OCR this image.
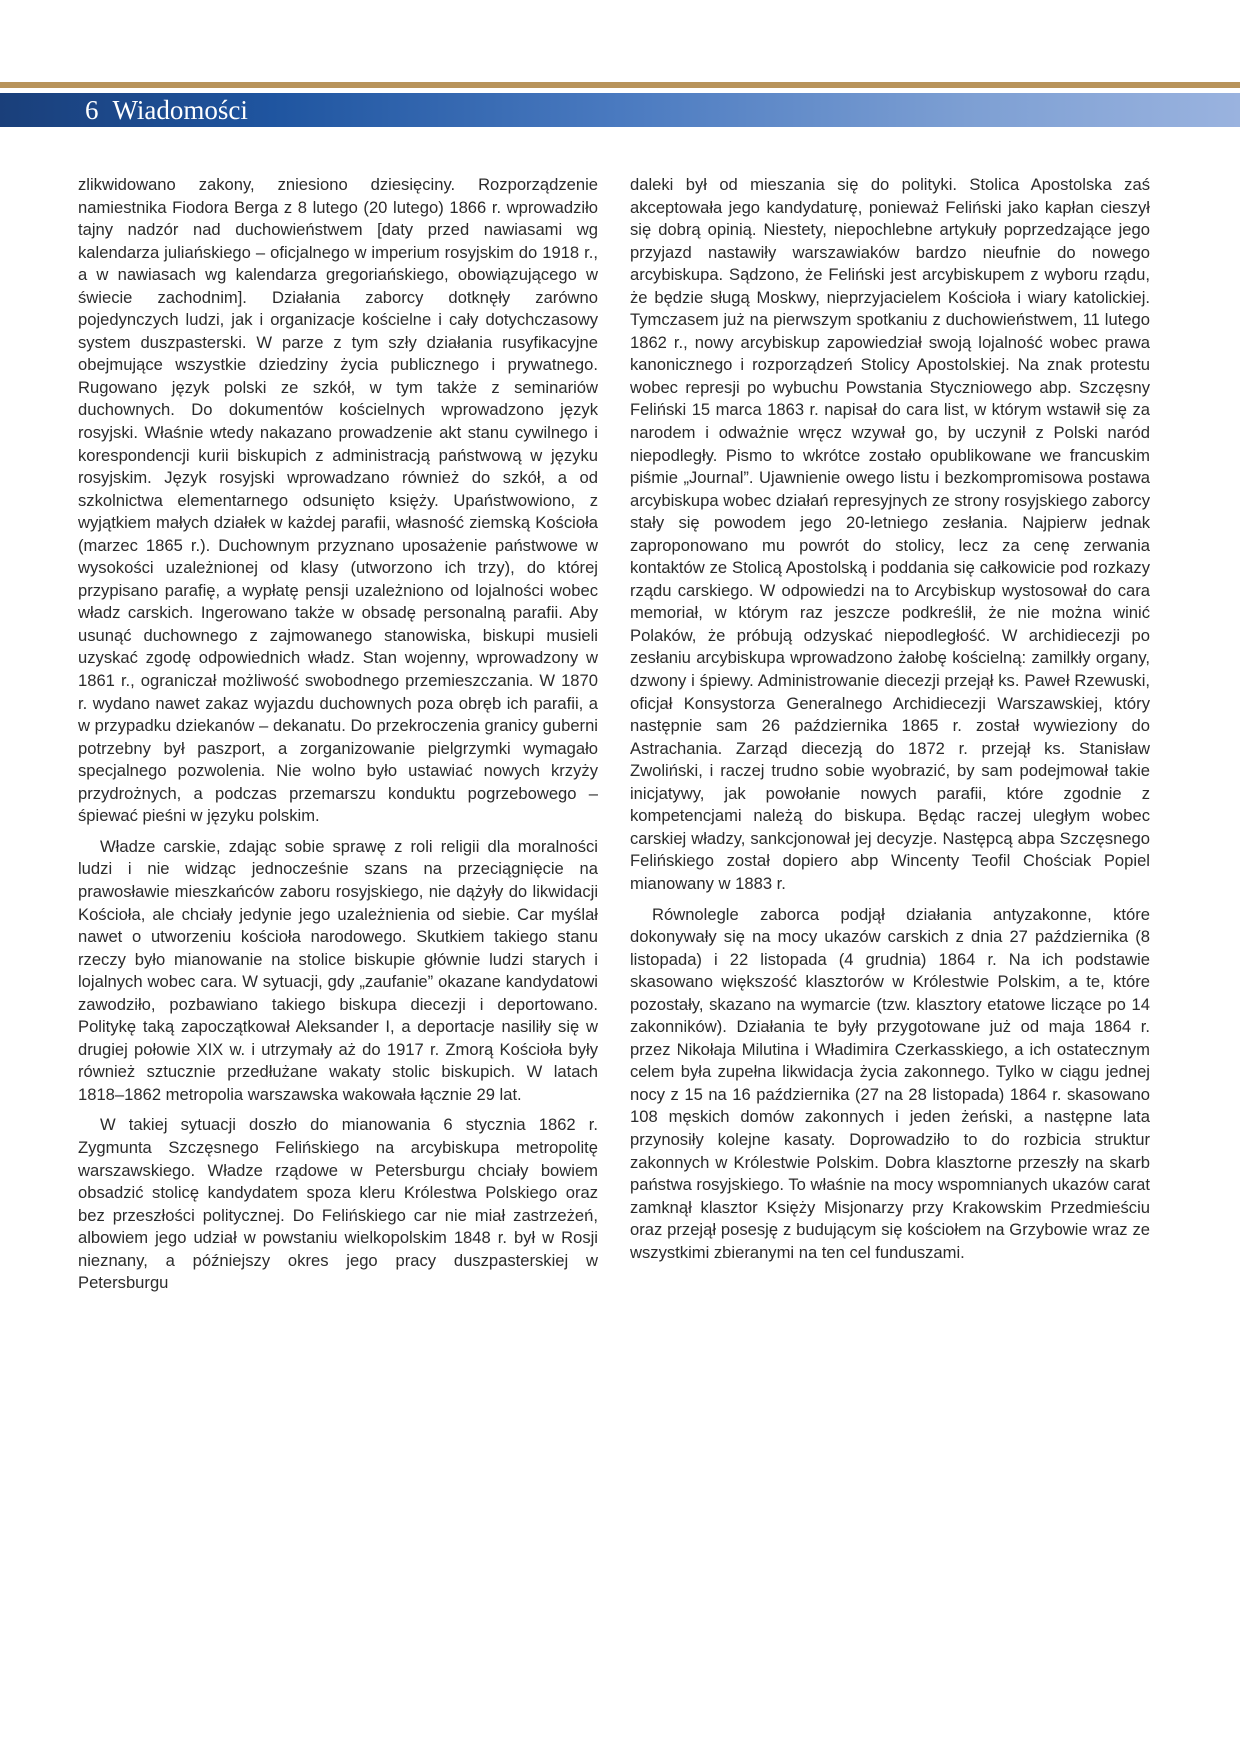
6 Wiadomości

zlikwidowano zakony, zniesiono dziesięciny. Rozporządzenie namiestnika Fiodora Berga z 8 lutego (20 lutego) 1866 r. wprowadziło tajny nadzór nad duchowieństwem [daty przed nawiasami wg kalendarza juliańskiego – oficjalnego w imperium rosyjskim do 1918 r., a w nawiasach wg kalendarza gregoriańskiego, obowiązującego w świecie zachodnim]. Działania zaborcy dotknęły zarówno pojedynczych ludzi, jak i organizacje kościelne i cały dotychczasowy system duszpasterski. W parze z tym szły działania rusyfikacyjne obejmujące wszystkie dziedziny życia publicznego i prywatnego. Rugowano język polski ze szkół, w tym także z seminariów duchownych. Do dokumentów kościelnych wprowadzono język rosyjski. Właśnie wtedy nakazano prowadzenie akt stanu cywilnego i korespondencji kurii biskupich z administracją państwową w języku rosyjskim. Język rosyjski wprowadzano również do szkół, a od szkolnictwa elementarnego odsunięto księży. Upaństwowiono, z wyjątkiem małych działek w każdej parafii, własność ziemską Kościoła (marzec 1865 r.). Duchownym przyznano uposażenie państwowe w wysokości uzależnionej od klasy (utworzono ich trzy), do której przypisano parafię, a wypłatę pensji uzależniono od lojalności wobec władz carskich. Ingerowano także w obsadę personalną parafii. Aby usunąć duchownego z zajmowanego stanowiska, biskupi musieli uzyskać zgodę odpowiednich władz. Stan wojenny, wprowadzony w 1861 r., ograniczał możliwość swobodnego przemieszczania. W 1870 r. wydano nawet zakaz wyjazdu duchownych poza obręb ich parafii, a w przypadku dziekanów – dekanatu. Do przekroczenia granicy guberni potrzebny był paszport, a zorganizowanie pielgrzymki wymagało specjalnego pozwolenia. Nie wolno było ustawiać nowych krzyży przydrożnych, a podczas przemarszu konduktu pogrzebowego – śpiewać pieśni w języku polskim.

Władze carskie, zdając sobie sprawę z roli religii dla moralności ludzi i nie widząc jednocześnie szans na przeciągnięcie na prawosławie mieszkańców zaboru rosyjskiego, nie dążyły do likwidacji Kościoła, ale chciały jedynie jego uzależnienia od siebie. Car myślał nawet o utworzeniu kościoła narodowego. Skutkiem takiego stanu rzeczy było mianowanie na stolice biskupie głównie ludzi starych i lojalnych wobec cara. W sytuacji, gdy „zaufanie” okazane kandydatowi zawodziło, pozbawiano takiego biskupa diecezji i deportowano. Politykę taką zapoczątkował Aleksander I, a deportacje nasiliły się w drugiej połowie XIX w. i utrzymały aż do 1917 r. Zmorą Kościoła były również sztucznie przedłużane wakaty stolic biskupich. W latach 1818–1862 metropolia warszawska wakowała łącznie 29 lat.

W takiej sytuacji doszło do mianowania 6 stycznia 1862 r. Zygmunta Szczęsnego Felińskiego na arcybiskupa metropolitę warszawskiego. Władze rządowe w Petersburgu chciały bowiem obsadzić stolicę kandydatem spoza kleru Królestwa Polskiego oraz bez przeszłości politycznej. Do Felińskiego car nie miał zastrzeżeń, albowiem jego udział w powstaniu wielkopolskim 1848 r. był w Rosji nieznany, a późniejszy okres jego pracy duszpasterskiej w Petersburgu

daleki był od mieszania się do polityki. Stolica Apostolska zaś akceptowała jego kandydaturę, ponieważ Feliński jako kapłan cieszył się dobrą opinią. Niestety, niepochlebne artykuły poprzedzające jego przyjazd nastawiły warszawiaków bardzo nieufnie do nowego arcybiskupa. Sądzono, że Feliński jest arcybiskupem z wyboru rządu, że będzie sługą Moskwy, nieprzyjacielem Kościoła i wiary katolickiej. Tymczasem już na pierwszym spotkaniu z duchowieństwem, 11 lutego 1862 r., nowy arcybiskup zapowiedział swoją lojalność wobec prawa kanonicznego i rozporządzeń Stolicy Apostolskiej. Na znak protestu wobec represji po wybuchu Powstania Styczniowego abp. Szczęsny Feliński 15 marca 1863 r. napisał do cara list, w którym wstawił się za narodem i odważnie wręcz wzywał go, by uczynił z Polski naród niepodległy. Pismo to wkrótce zostało opublikowane we francuskim piśmie „Journal”. Ujawnienie owego listu i bezkompromisowa postawa arcybiskupa wobec działań represyjnych ze strony rosyjskiego zaborcy stały się powodem jego 20-letniego zesłania. Najpierw jednak zaproponowano mu powrót do stolicy, lecz za cenę zerwania kontaktów ze Stolicą Apostolską i poddania się całkowicie pod rozkazy rządu carskiego. W odpowiedzi na to Arcybiskup wystosował do cara memoriał, w którym raz jeszcze podkreślił, że nie można winić Polaków, że próbują odzyskać niepodległość. W archidiecezji po zesłaniu arcybiskupa wprowadzono żałobę kościelną: zamilkły organy, dzwony i śpiewy. Administrowanie diecezji przejął ks. Paweł Rzewuski, oficjał Konsystorza Generalnego Archidiecezji Warszawskiej, który następnie sam 26 października 1865 r. został wywieziony do Astrachania. Zarząd diecezją do 1872 r. przejął ks. Stanisław Zwoliński, i raczej trudno sobie wyobrazić, by sam podejmował takie inicjatywy, jak powołanie nowych parafii, które zgodnie z kompetencjami należą do biskupa. Będąc raczej uległym wobec carskiej władzy, sankcjonował jej decyzje. Następcą abpa Szczęsnego Felińskiego został dopiero abp Wincenty Teofil Chościak Popiel mianowany w 1883 r.

Równolegle zaborca podjął działania antyzakonne, które dokonywały się na mocy ukazów carskich z dnia 27 października (8 listopada) i 22 listopada (4 grudnia) 1864 r. Na ich podstawie skasowano większość klasztorów w Królestwie Polskim, a te, które pozostały, skazano na wymarcie (tzw. klasztory etatowe liczące po 14 zakonników). Działania te były przygotowane już od maja 1864 r. przez Nikołaja Milutina i Władimira Czerkasskiego, a ich ostatecznym celem była zupełna likwidacja życia zakonnego. Tylko w ciągu jednej nocy z 15 na 16 października (27 na 28 listopada) 1864 r. skasowano 108 męskich domów zakonnych i jeden żeński, a następne lata przynosiły kolejne kasaty. Doprowadziło to do rozbicia struktur zakonnych w Królestwie Polskim. Dobra klasztorne przeszły na skarb państwa rosyjskiego. To właśnie na mocy wspomnianych ukazów carat zamknął klasztor Księży Misjonarzy przy Krakowskim Przedmieściu oraz przejął posesję z budującym się kościołem na Grzybowie wraz ze wszystkimi zbieranymi na ten cel funduszami.
